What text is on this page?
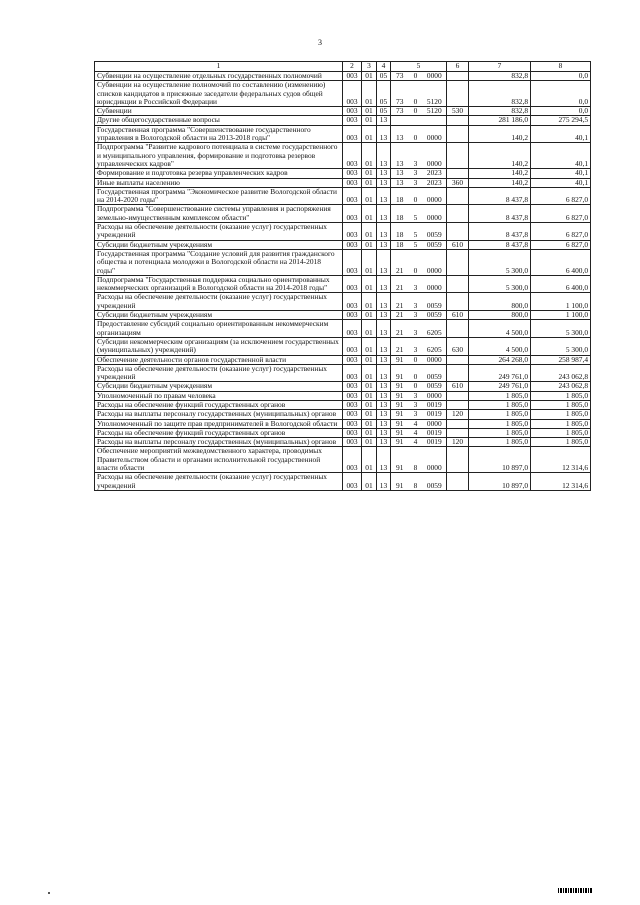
3
1	2	3	4	5			6	7	8
Субвенции на осуществление отдельных государственных полномочий	003	01	05	73	0	0000		832,8	0,0
Субвенции на осуществление полномочий по составлению (изменению) списков кандидатов в присяжные заседатели федеральных судов общей юрисдикции в Российской Федерации	003	01	05	73	0	5120		832,8	0,0
Субвенции	003	01	05	73	0	5120	530	832,8	0,0
Другие общегосударственные вопросы	003	01	13					281 186,0	275 294,5
Государственная программа "Совершенствование государственного управления в Вологодской области на 2013-2018 годы"	003	01	13	13	0	0000		140,2	40,1
Подпрограмма "Развитие кадрового потенциала в системе государственного и муниципального управления, формирование и подготовка резервов управленческих кадров"	003	01	13	13	3	0000		140,2	40,1
Формирование и подготовка резерва управленческих кадров	003	01	13	13	3	2023		140,2	40,1
Иные выплаты населению	003	01	13	13	3	2023	360	140,2	40,1
Государственная программа "Экономическое развитие Вологодской области на 2014-2020 годы"	003	01	13	18	0	0000		8 437,8	6 827,0
Подпрограмма "Совершенствование системы управления и распоряжения земельно-имущественным комплексом области"	003	01	13	18	5	0000		8 437,8	6 827,0
Расходы на обеспечение деятельности (оказание услуг) государственных учреждений	003	01	13	18	5	0059		8 437,8	6 827,0
Субсидии бюджетным учреждениям	003	01	13	18	5	0059	610	8 437,8	6 827,0
Государственная программа "Создание условий для развития гражданского общества и потенциала молодежи в Вологодской области на 2014-2018 годы"	003	01	13	21	0	0000		5 300,0	6 400,0
Подпрограмма "Государственная поддержка социально ориентированных некоммерческих организаций в Вологодской области на 2014-2018 годы"	003	01	13	21	3	0000		5 300,0	6 400,0
Расходы на обеспечение деятельности (оказание услуг) государственных учреждений	003	01	13	21	3	0059		800,0	1 100,0
Субсидии бюджетным учреждениям	003	01	13	21	3	0059	610	800,0	1 100,0
Предоставление субсидий социально ориентированным некоммерческим организациям	003	01	13	21	3	6205		4 500,0	5 300,0
Субсидии некоммерческим организациям (за исключением государственных (муниципальных) учреждений)	003	01	13	21	3	6205	630	4 500,0	5 300,0
Обеспечение деятельности органов государственной власти	003	01	13	91	0	0000		264 268,0	258 987,4
Расходы на обеспечение деятельности (оказание услуг) государственных учреждений	003	01	13	91	0	0059		249 761,0	243 062,8
Субсидии бюджетным учреждениям	003	01	13	91	0	0059	610	249 761,0	243 062,8
Уполномоченный по правам человека	003	01	13	91	3	0000		1 805,0	1 805,0
Расходы на обеспечение функций государственных органов	003	01	13	91	3	0019		1 805,0	1 805,0
Расходы на выплаты персоналу государственных (муниципальных) органов	003	01	13	91	3	0019	120	1 805,0	1 805,0
Уполномоченный по защите прав предпринимателей в Вологодской области	003	01	13	91	4	0000		1 805,0	1 805,0
Расходы на обеспечение функций государственных органов	003	01	13	91	4	0019		1 805,0	1 805,0
Расходы на выплаты персоналу государственных (муниципальных) органов	003	01	13	91	4	0019	120	1 805,0	1 805,0
Обеспечение мероприятий межведомственного характера, проводимых Правительством области и органами исполнительной государственной власти области	003	01	13	91	8	0000		10 897,0	12 314,6
Расходы на обеспечение деятельности (оказание услуг) государственных учреждений	003	01	13	91	8	0059		10 897,0	12 314,6
